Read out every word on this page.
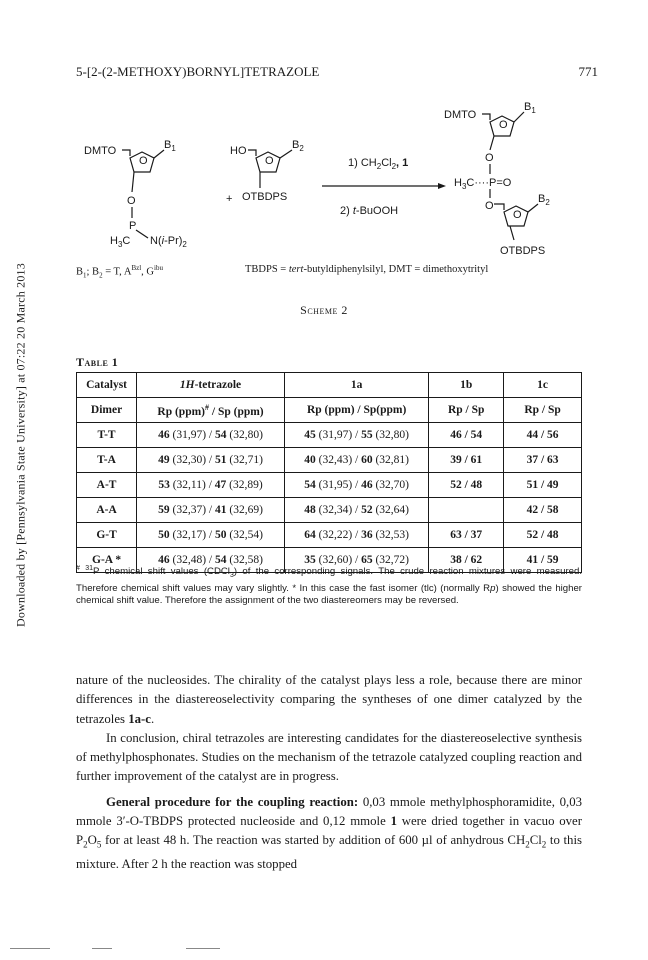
Downloaded by [Pennsylvania State University] at 07:22 20 March 2013
5-[2-(2-METHOXY)BORNYL]TETRAZOLE	771
DMTO
O
$B_1$
O
P
$H_3C$ $N(i-Pr)_2$
+
HO
O
$B_2$
OTBDPS
1) $CH_2Cl_2$, 1
2) t-BuOOH
DMTO
O
$B_1$
O
$H_3C\cdot\cdot\cdot\cdot P=O$
O
O
$B_2$
OTBDPS
$B_1$; $B_2 = T$, $A^{Bzl}$, $G^{ibu}$	TBDPS = tert-butyldiphenylsilyl, DMT = dimethoxytrityl
Scheme 2
Table 1
Catalyst	1H-tetrazole	1a	1b	1c
Dimer	Rp (ppm)# / Sp (ppm)	Rp (ppm) / Sp(ppm)	Rp / Sp	Rp / Sp
T-T	46 (31,97) / 54 (32,80)	45 (31,97) / 55 (32,80)	46 / 54	44 / 56
T-A	49 (32,30) / 51 (32,71)	40 (32,43) / 60 (32,81)	39 / 61	37 / 63
A-T	53 (32,11) / 47 (32,89)	54 (31,95) / 46 (32,70)	52 / 48	51 / 49
A-A	59 (32,37) / 41 (32,69)	48 (32,34) / 52 (32,64)		42 / 58
G-T	50 (32,17) / 50 (32,54)	64 (32,22) / 36 (32,53)	63 / 37	52 / 48
G-A *	46 (32,48) / 54 (32,58)	35 (32,60) / 65 (32,72)	38 / 62	41 / 59
# $^{31}$P chemical shift values (CDCl$_3$) of the corresponding signals. The crude reaction mixtures were measured. Therefore chemical shift values may vary slightly. * In this case the fast isomer (tlc) (normally Rp) showed the higher chemical shift value. Therefore the assignment of the two diastereomers may be reversed.

nature of the nucleosides. The chirality of the catalyst plays less a role, because there are minor differences in the diastereoselectivity comparing the syntheses of one dimer catalyzed by the tetrazoles 1a-c.

In conclusion, chiral tetrazoles are interesting candidates for the diastereoselective synthesis of methylphosphonates. Studies on the mechanism of the tetrazole catalyzed coupling reaction and further improvement of the catalyst are in progress.

General procedure for the coupling reaction: 0,03 mmole methylphosphoramidite, 0,03 mmole 3′-O-TBDPS protected nucleoside and 0,12 mmole 1 were dried together in vacuo over $P_2O_5$ for at least 48 h. The reaction was started by addition of 600 µl of anhydrous $CH_2Cl_2$ to this mixture. After 2 h the reaction was stopped
